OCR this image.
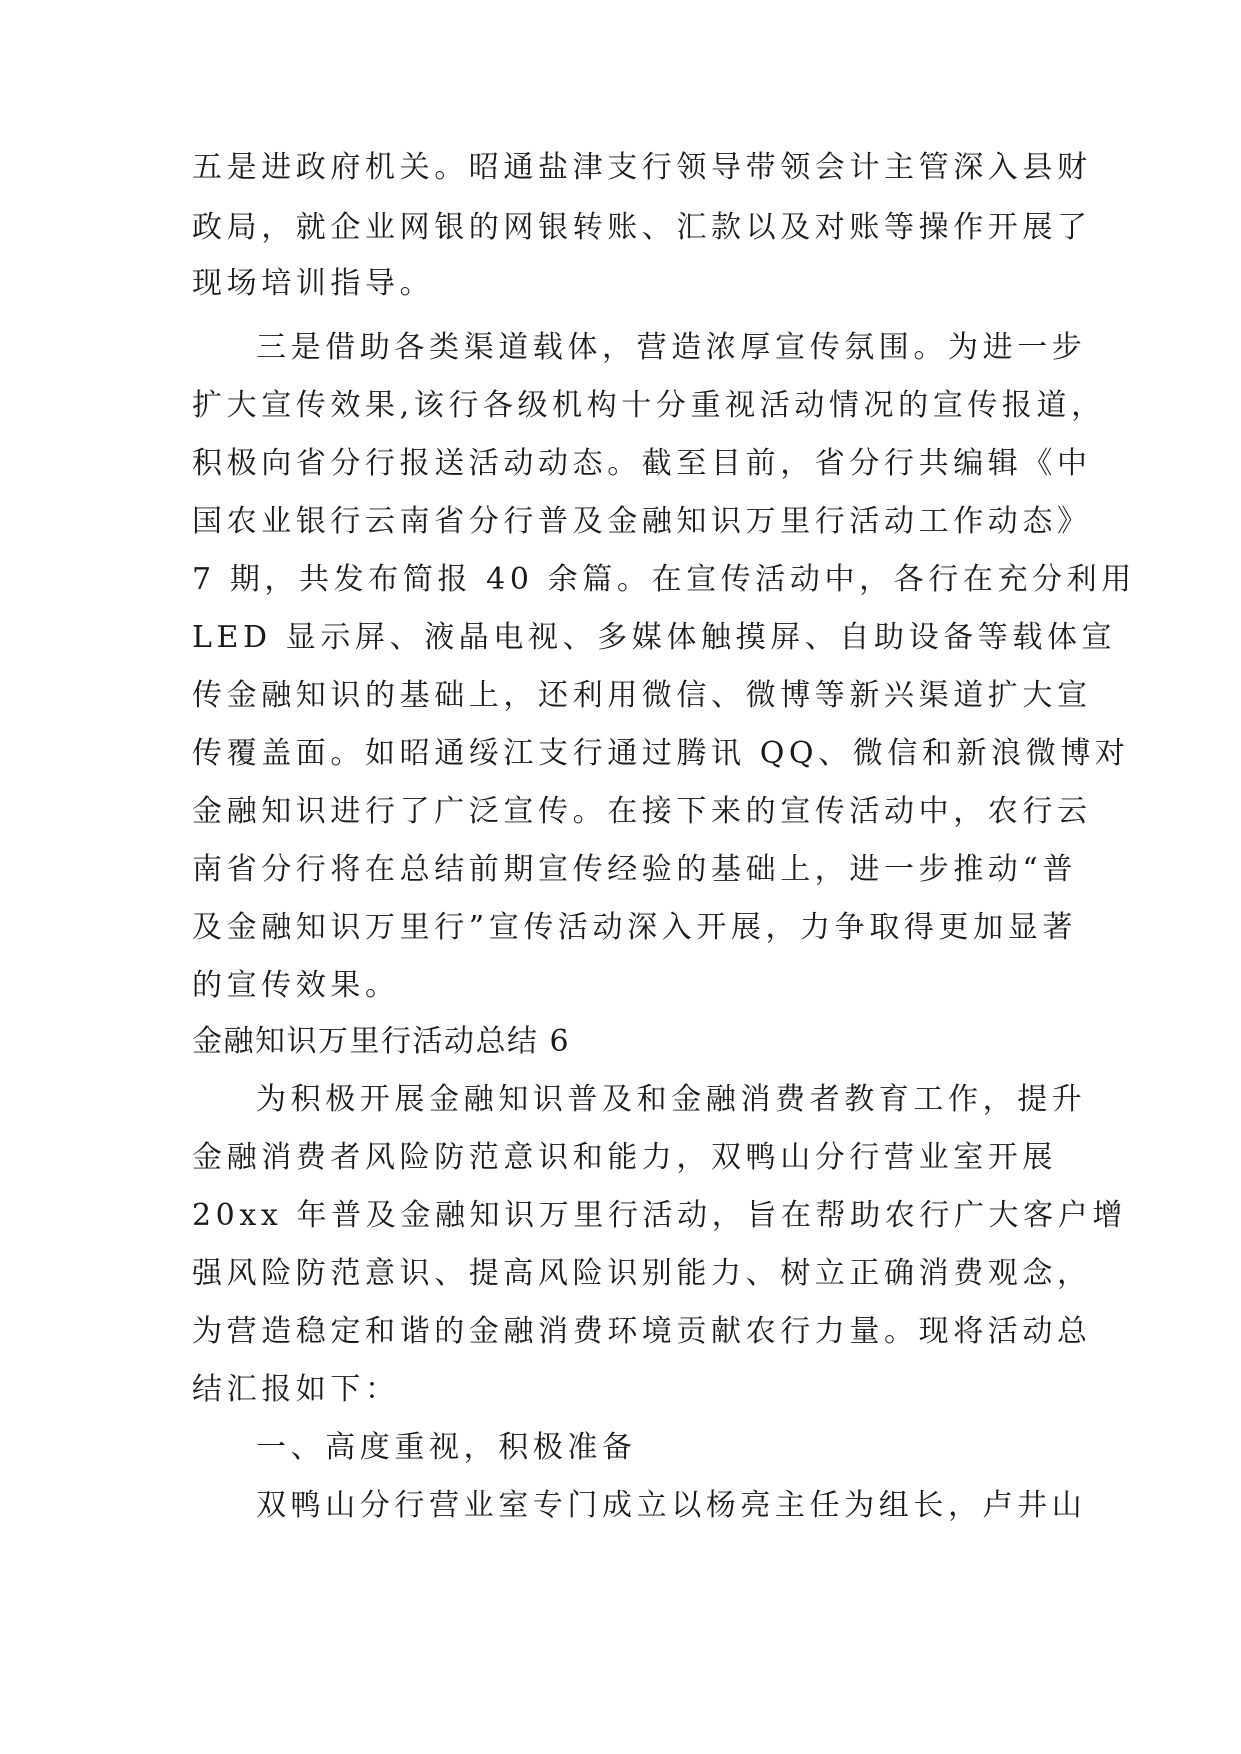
五是进政府机关。昭通盐津支行领导带领会计主管深入县财
政局，就企业网银的网银转账、汇款以及对账等操作开展了
现场培训指导。
三是借助各类渠道载体，营造浓厚宣传氛围。为进一步
扩大宣传效果,该行各级机构十分重视活动情况的宣传报道，
积极向省分行报送活动动态。截至目前，省分行共编辑《中
国农业银行云南省分行普及金融知识万里行活动工作动态》
7 期，共发布简报 40 余篇。在宣传活动中，各行在充分利用
LED 显示屏、液晶电视、多媒体触摸屏、自助设备等载体宣
传金融知识的基础上，还利用微信、微博等新兴渠道扩大宣
传覆盖面。如昭通绥江支行通过腾讯 QQ、微信和新浪微博对
金融知识进行了广泛宣传。在接下来的宣传活动中，农行云
南省分行将在总结前期宣传经验的基础上，进一步推动“普
及金融知识万里行”宣传活动深入开展，力争取得更加显著
的宣传效果。
金融知识万里行活动总结 6
为积极开展金融知识普及和金融消费者教育工作，提升
金融消费者风险防范意识和能力，双鸭山分行营业室开展
20xx 年普及金融知识万里行活动，旨在帮助农行广大客户增
强风险防范意识、提高风险识别能力、树立正确消费观念，
为营造稳定和谐的金融消费环境贡献农行力量。现将活动总
结汇报如下：
一、高度重视，积极准备
双鸭山分行营业室专门成立以杨亮主任为组长，卢井山
